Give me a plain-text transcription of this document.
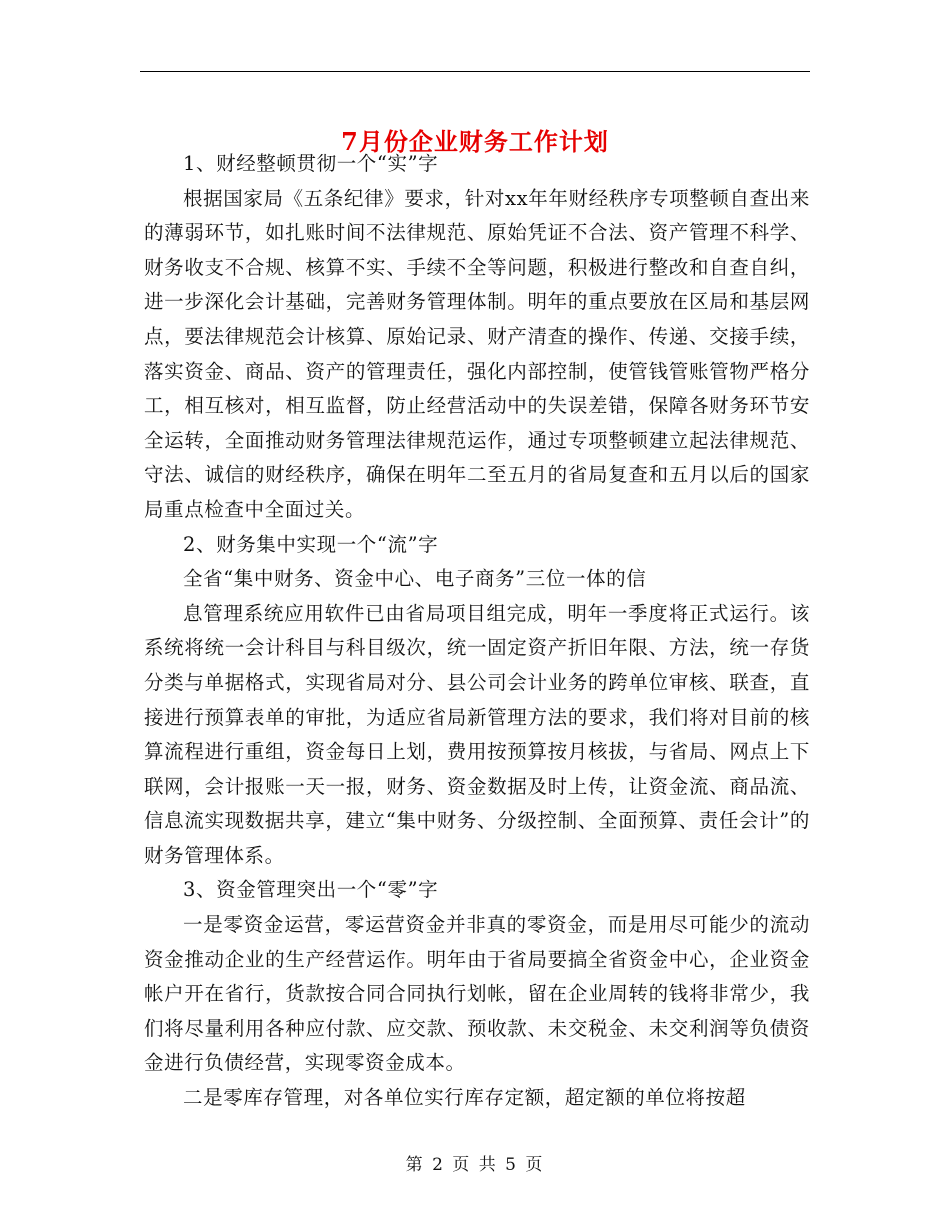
7月份企业财务工作计划

1、财经整顿贯彻一个“实”字

根据国家局《五条纪律》要求，针对xx年年财经秩序专项整顿自查出来的薄弱环节，如扎账时间不法律规范、原始凭证不合法、资产管理不科学、财务收支不合规、核算不实、手续不全等问题，积极进行整改和自查自纠，进一步深化会计基础，完善财务管理体制。明年的重点要放在区局和基层网点，要法律规范会计核算、原始记录、财产清查的操作、传递、交接手续，落实资金、商品、资产的管理责任，强化内部控制，使管钱管账管物严格分工，相互核对，相互监督，防止经营活动中的失误差错，保障各财务环节安全运转，全面推动财务管理法律规范运作，通过专项整顿建立起法律规范、守法、诚信的财经秩序，确保在明年二至五月的省局复查和五月以后的国家局重点检查中全面过关。

2、财务集中实现一个“流”字

全省“集中财务、资金中心、电子商务”三位一体的信

息管理系统应用软件已由省局项目组完成，明年一季度将正式运行。该系统将统一会计科目与科目级次，统一固定资产折旧年限、方法，统一存货分类与单据格式，实现省局对分、县公司会计业务的跨单位审核、联查，直接进行预算表单的审批，为适应省局新管理方法的要求，我们将对目前的核算流程进行重组，资金每日上划，费用按预算按月核拔，与省局、网点上下联网，会计报账一天一报，财务、资金数据及时上传，让资金流、商品流、信息流实现数据共享，建立“集中财务、分级控制、全面预算、责任会计”的财务管理体系。

3、资金管理突出一个“零”字

一是零资金运营，零运营资金并非真的零资金，而是用尽可能少的流动资金推动企业的生产经营运作。明年由于省局要搞全省资金中心，企业资金帐户开在省行，货款按合同合同执行划帐，留在企业周转的钱将非常少，我们将尽量利用各种应付款、应交款、预收款、未交税金、未交利润等负债资金进行负债经营，实现零资金成本。

二是零库存管理，对各单位实行库存定额，超定额的单位将按超

第 2 页 共 5 页
